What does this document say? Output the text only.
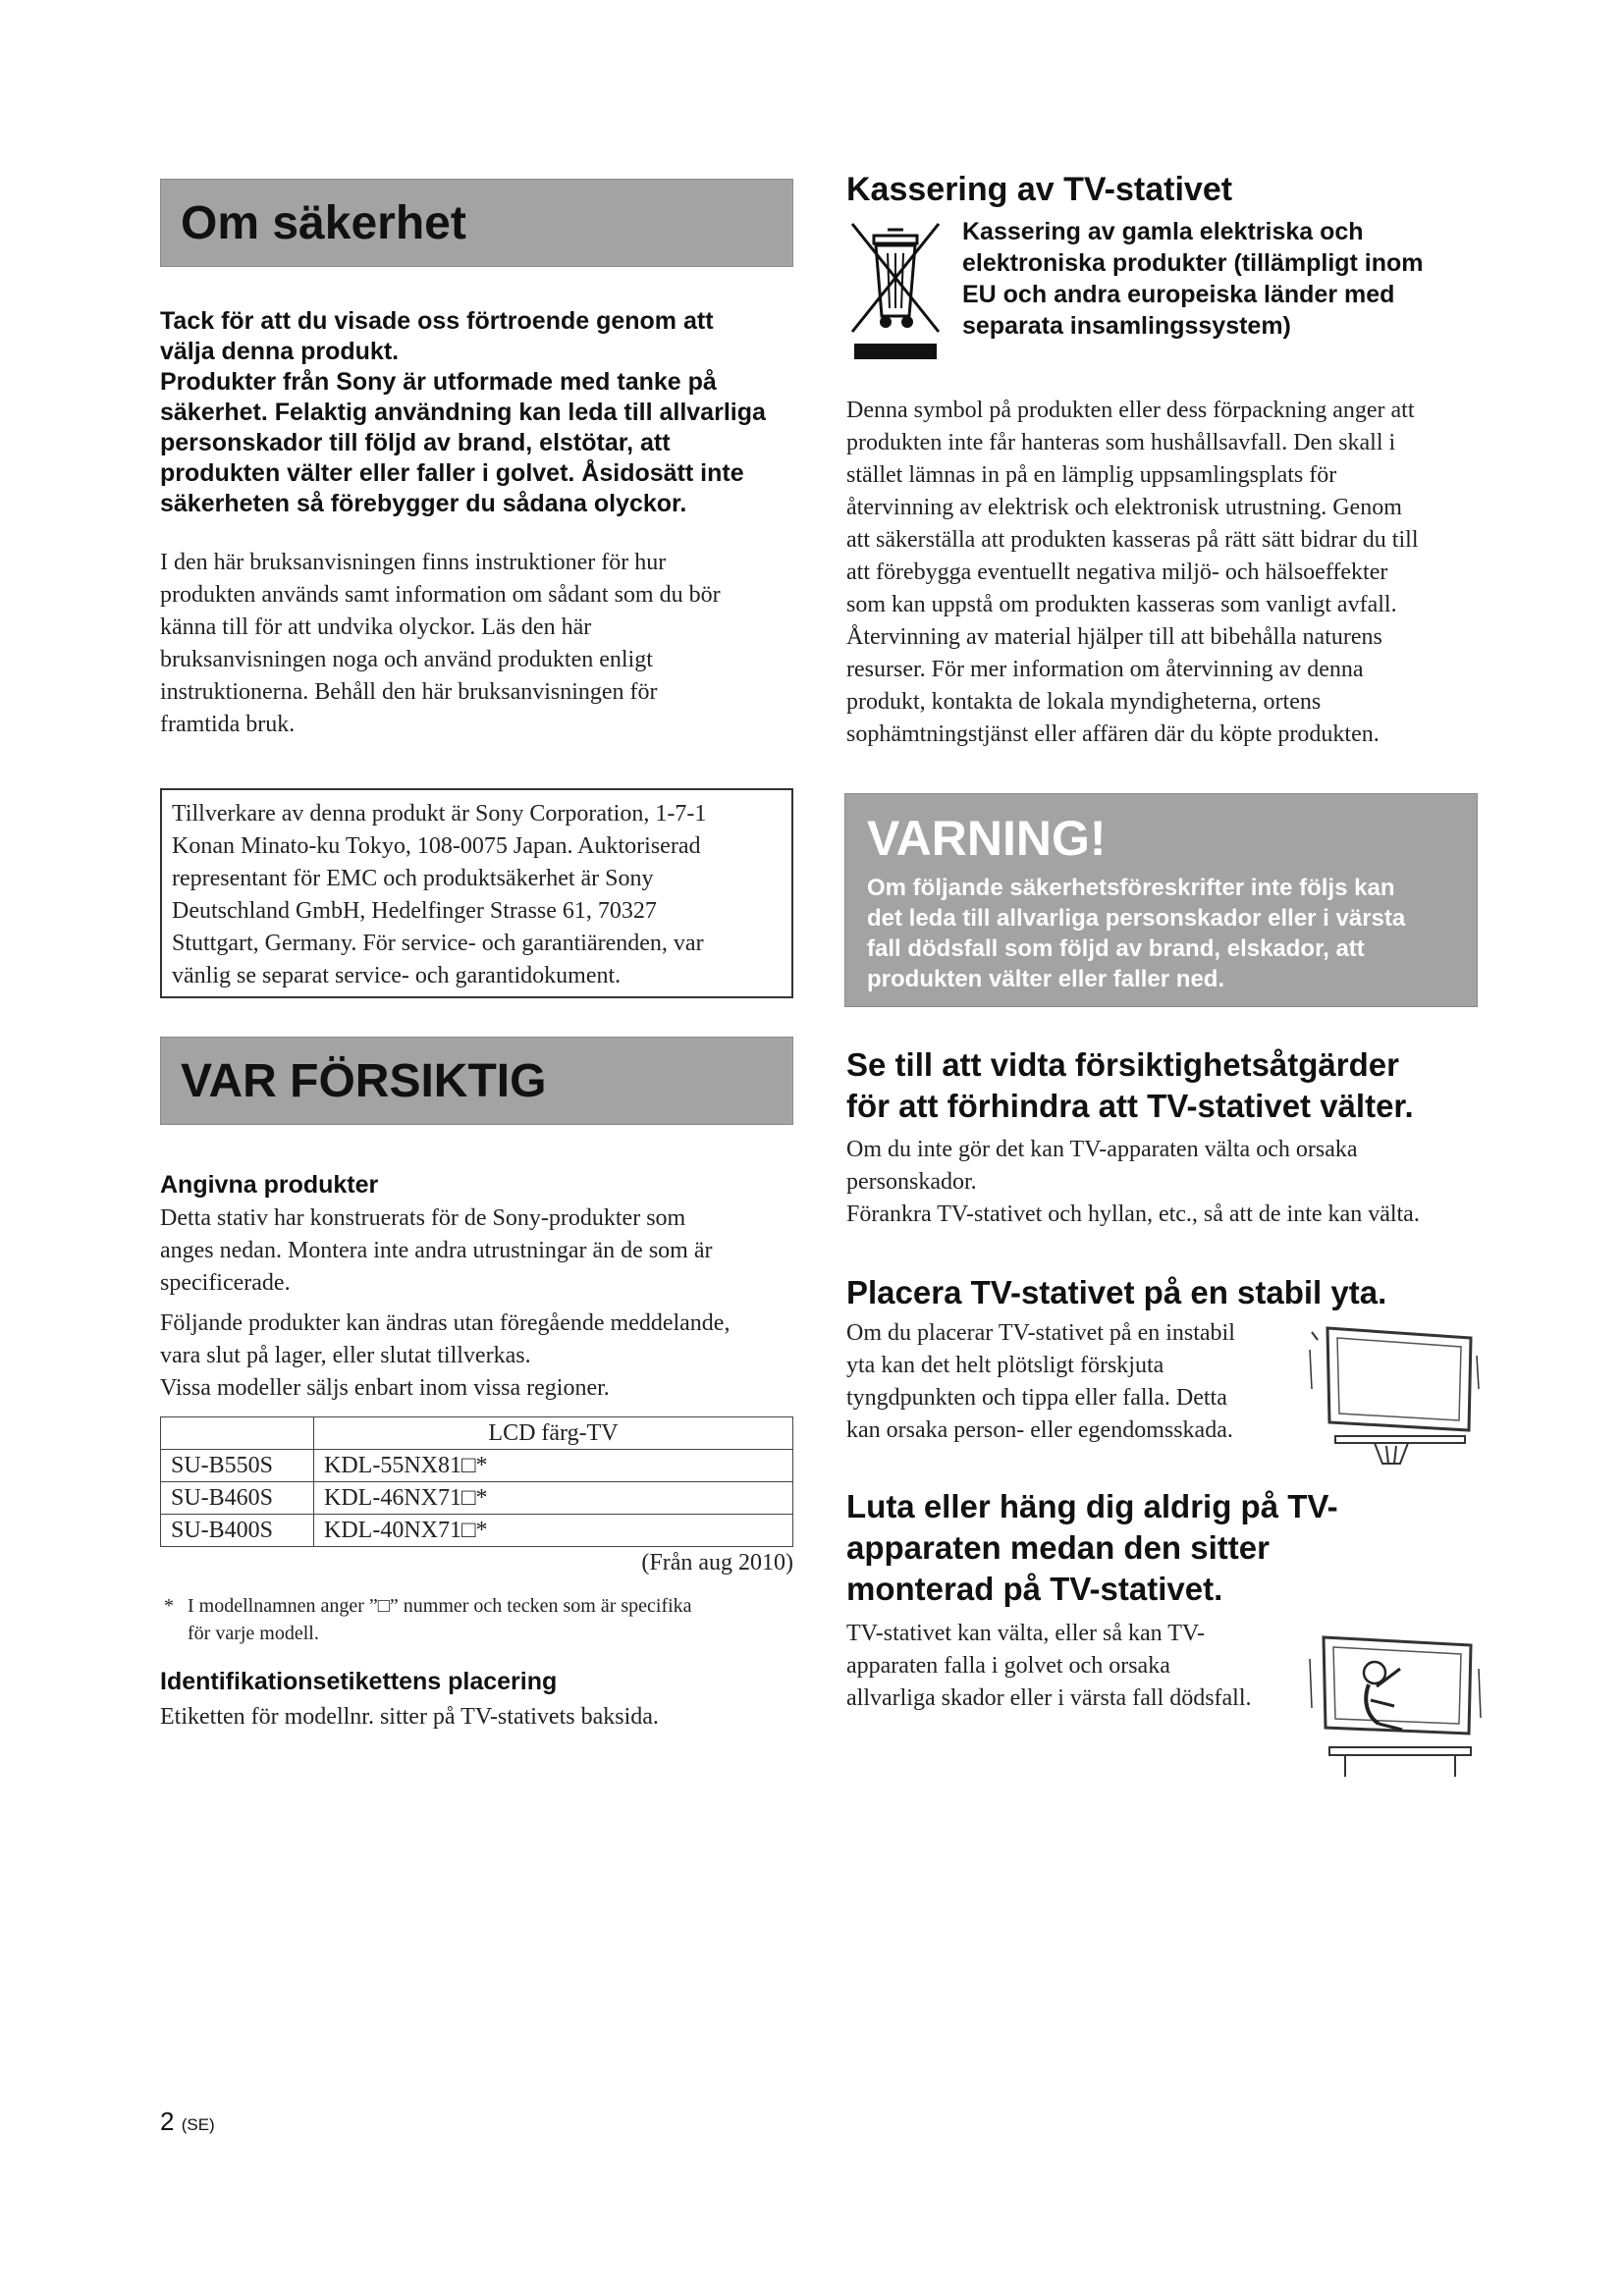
Om säkerhet

Tack för att du visade oss förtroende genom att

välja denna produkt.

Produkter från Sony är utformade med tanke på

säkerhet. Felaktig användning kan leda till allvarliga

personskador till följd av brand, elstötar, att

produkten välter eller faller i golvet. Åsidosätt inte

säkerheten så förebygger du sådana olyckor.

I den här bruksanvisningen finns instruktioner för hur

produkten används samt information om sådant som du bör

känna till för att undvika olyckor. Läs den här

bruksanvisningen noga och använd produkten enligt

instruktionerna. Behåll den här bruksanvisningen för

framtida bruk.

Tillverkare av denna produkt är Sony Corporation, 1-7-1

Konan Minato-ku Tokyo, 108-0075 Japan. Auktoriserad

representant för EMC och produktsäkerhet är Sony

Deutschland GmbH, Hedelfinger Strasse 61, 70327

Stuttgart, Germany. För service- och garantiärenden, var

vänlig se separat service- och garantidokument.

VAR FÖRSIKTIG
Angivna produkter

Detta stativ har konstruerats för de Sony-produkter som

anges nedan. Montera inte andra utrustningar än de som är

specificerade.

Följande produkter kan ändras utan föregående meddelande,

vara slut på lager, eller slutat tillverkas.

Vissa modeller säljs enbart inom vissa regioner.

	LCD färg-TV
SU-B550S	KDL-55NX81□*
SU-B460S	KDL-46NX71□*
SU-B400S	KDL-40NX71□*

(Från aug 2010)

* I modellnamnen anger ”□” nummer och tecken som är specifika
för varje modell.
Identifikationsetikettens placering

Etiketten för modellnr. sitter på TV-stativets baksida.

Kassering av TV-stativet
Kassering av gamla elektriska och
elektroniska produkter (tillämpligt inom
EU och andra europeiska länder med
separata insamlingssystem)

Denna symbol på produkten eller dess förpackning anger att

produkten inte får hanteras som hushållsavfall. Den skall i

stället lämnas in på en lämplig uppsamlingsplats för

återvinning av elektrisk och elektronisk utrustning. Genom

att säkerställa att produkten kasseras på rätt sätt bidrar du till

att förebygga eventuellt negativa miljö- och hälsoeffekter

som kan uppstå om produkten kasseras som vanligt avfall.

Återvinning av material hjälper till att bibehålla naturens

resurser. För mer information om återvinning av denna

produkt, kontakta de lokala myndigheterna, ortens

sophämtningstjänst eller affären där du köpte produkten.

VARNING!

Om följande säkerhetsföreskrifter inte följs kan

det leda till allvarliga personskador eller i värsta

fall dödsfall som följd av brand, elskador, att

produkten välter eller faller ned.

Se till att vidta försiktighetsåtgärder
för att förhindra att TV-stativet välter.

Om du inte gör det kan TV-apparaten välta och orsaka

personskador.

Förankra TV-stativet och hyllan, etc., så att de inte kan välta.

Placera TV-stativet på en stabil yta.

Om du placerar TV-stativet på en instabil

yta kan det helt plötsligt förskjuta

tyngdpunkten och tippa eller falla. Detta

kan orsaka person- eller egendomsskada.

Luta eller häng dig aldrig på TV-
apparaten medan den sitter
monterad på TV-stativet.

TV-stativet kan välta, eller så kan TV-

apparaten falla i golvet och orsaka

allvarliga skador eller i värsta fall dödsfall.

2 (SE)
